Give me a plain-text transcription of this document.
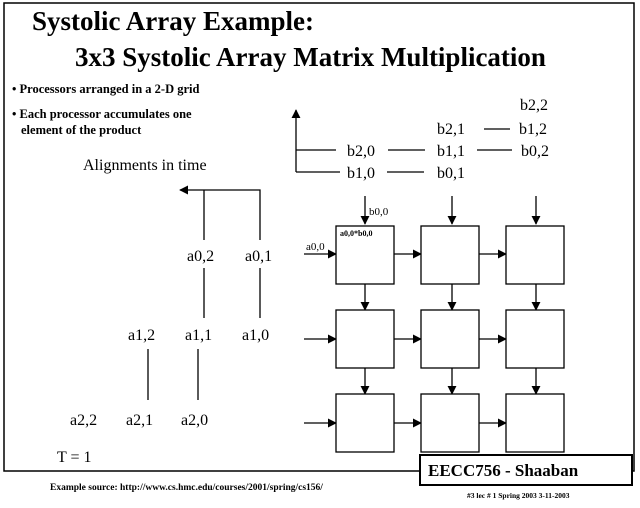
Systolic Array Example:
3x3 Systolic Array Matrix Multiplication
• Processors arranged in a 2-D grid
• Each processor accumulates one
element of the product
Alignments in time
a0,2 a0,1
a1,2 a1,1 a1,0
a2,2 a2,1 a2,0
T = 1
b2,2
b2,1	b1,2
b2,0	b1,1	b0,2
b1,0	b0,1
b0,0
a0,0
a0,0*b0,0
EECC756 - Shaaban
Example source: http://www.cs.hmc.edu/courses/2001/spring/cs156/
#3 lec # 1 Spring 2003 3-11-2003
